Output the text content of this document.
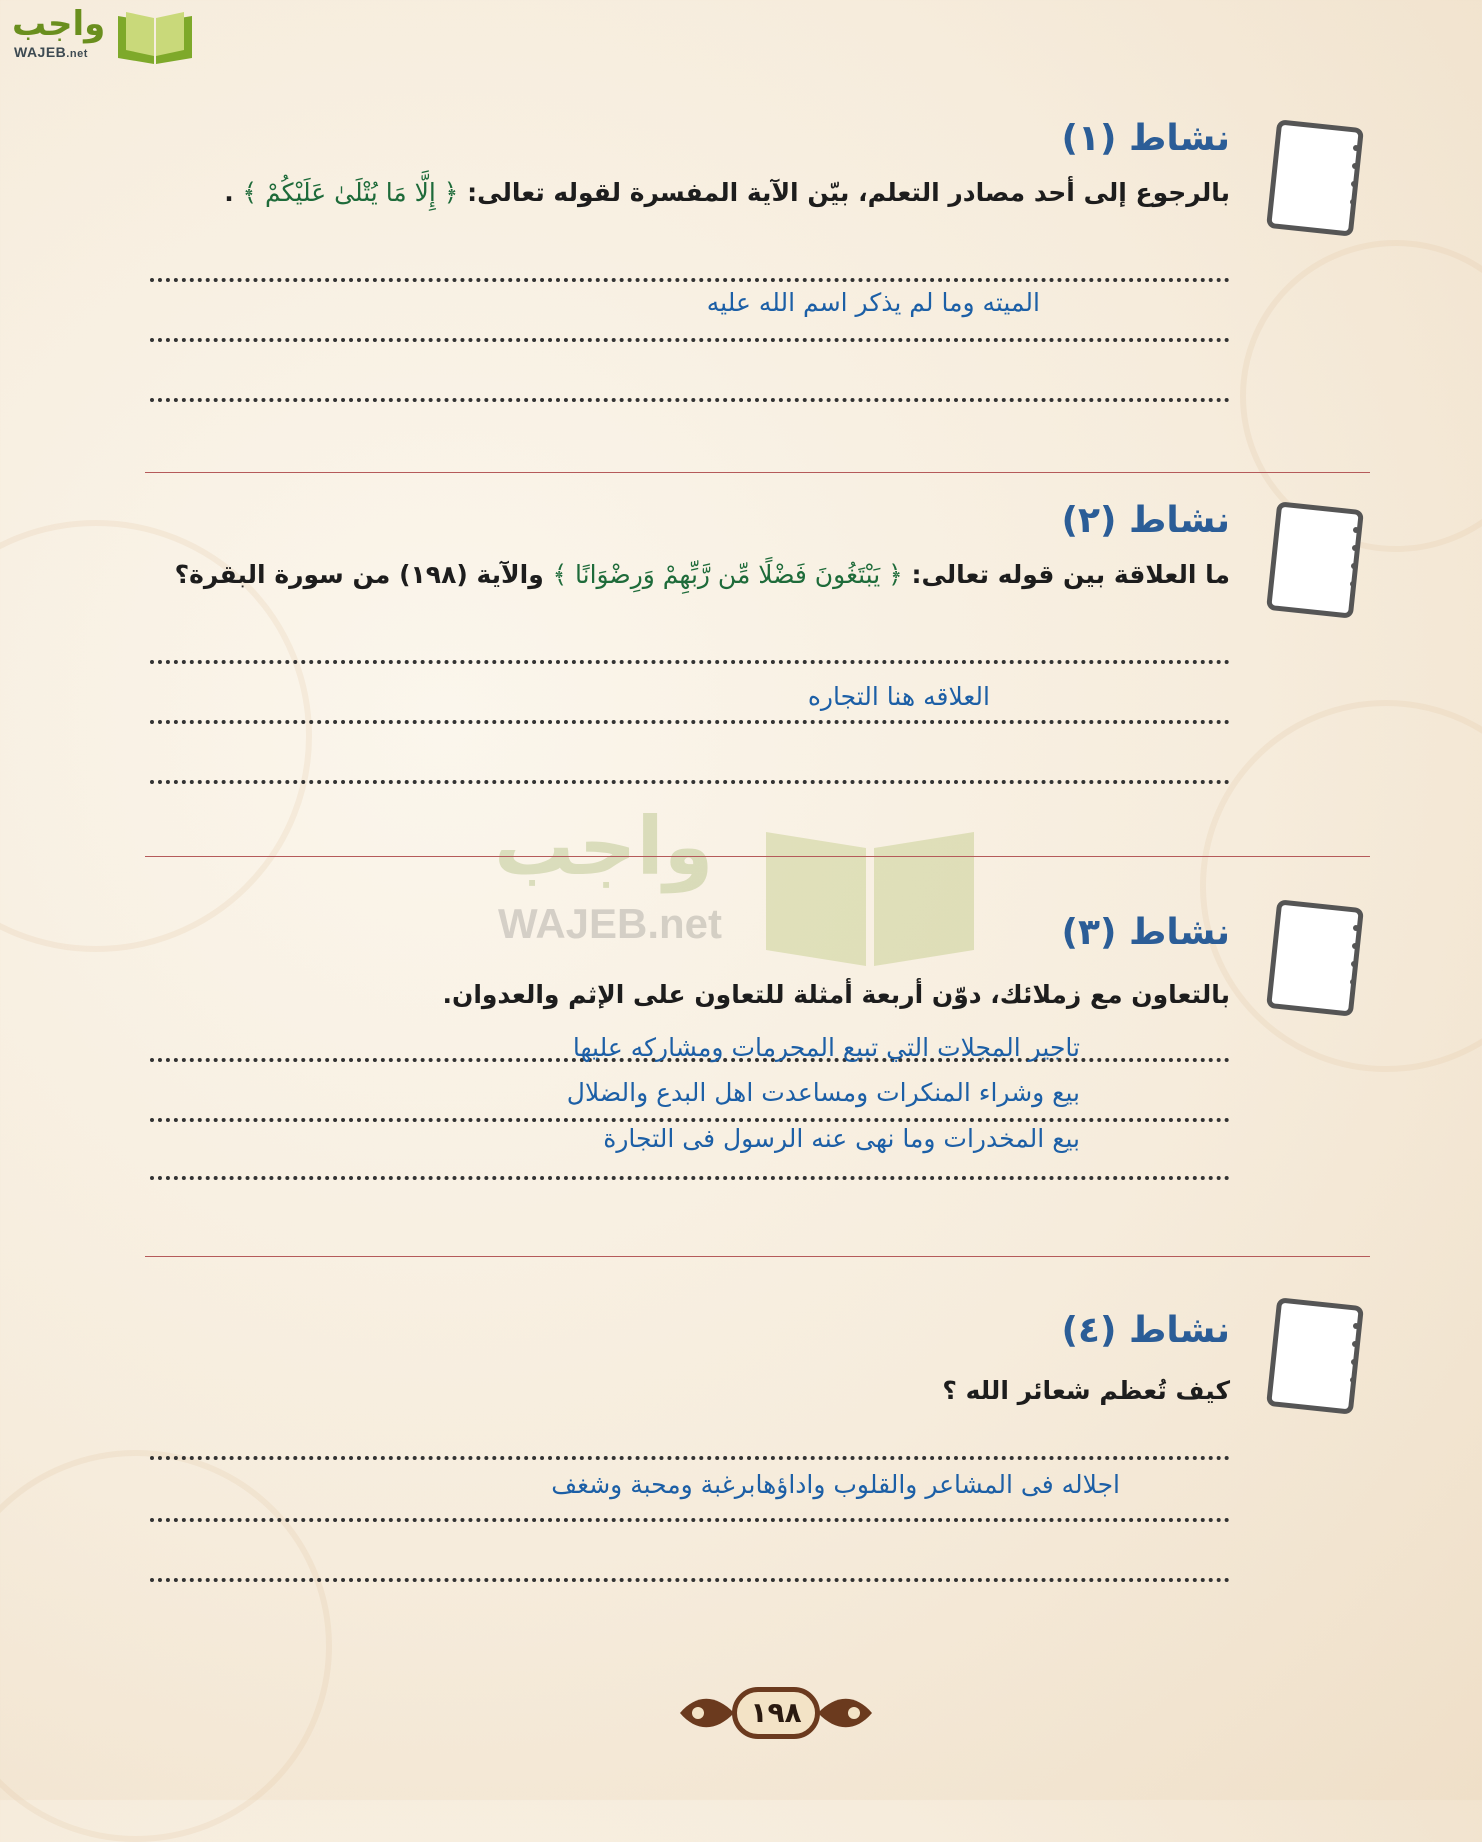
واجب
WAJEB.net
واجب
WAJEB.net
نشاط (١)
بالرجوع إلى أحد مصادر التعلم، بيّن الآية المفسرة لقوله تعالى: ﴿ إِلَّا مَا يُتْلَىٰ عَلَيْكُمْ ﴾ .
الميته وما لم يذكر اسم الله عليه
نشاط (٢)
ما العلاقة بين قوله تعالى: ﴿ يَبْتَغُونَ فَضْلًا مِّن رَّبِّهِمْ وَرِضْوَانًا ﴾ والآية (١٩٨) من سورة البقرة؟
العلاقه هنا التجاره
نشاط (٣)
بالتعاون مع زملائك، دوّن أربعة أمثلة للتعاون على الإثم والعدوان.
تاجير المجلات التي تبيع المحرمات ومشاركه عليها
بيع وشراء المنكرات ومساعدت اهل البدع والضلال
بيع المخدرات وما نهى عنه الرسول فى التجارة
نشاط (٤)
كيف تُعظم شعائر الله ؟
اجلاله فى المشاعر والقلوب واداؤهابرغبة ومحبة وشغف
١٩٨
